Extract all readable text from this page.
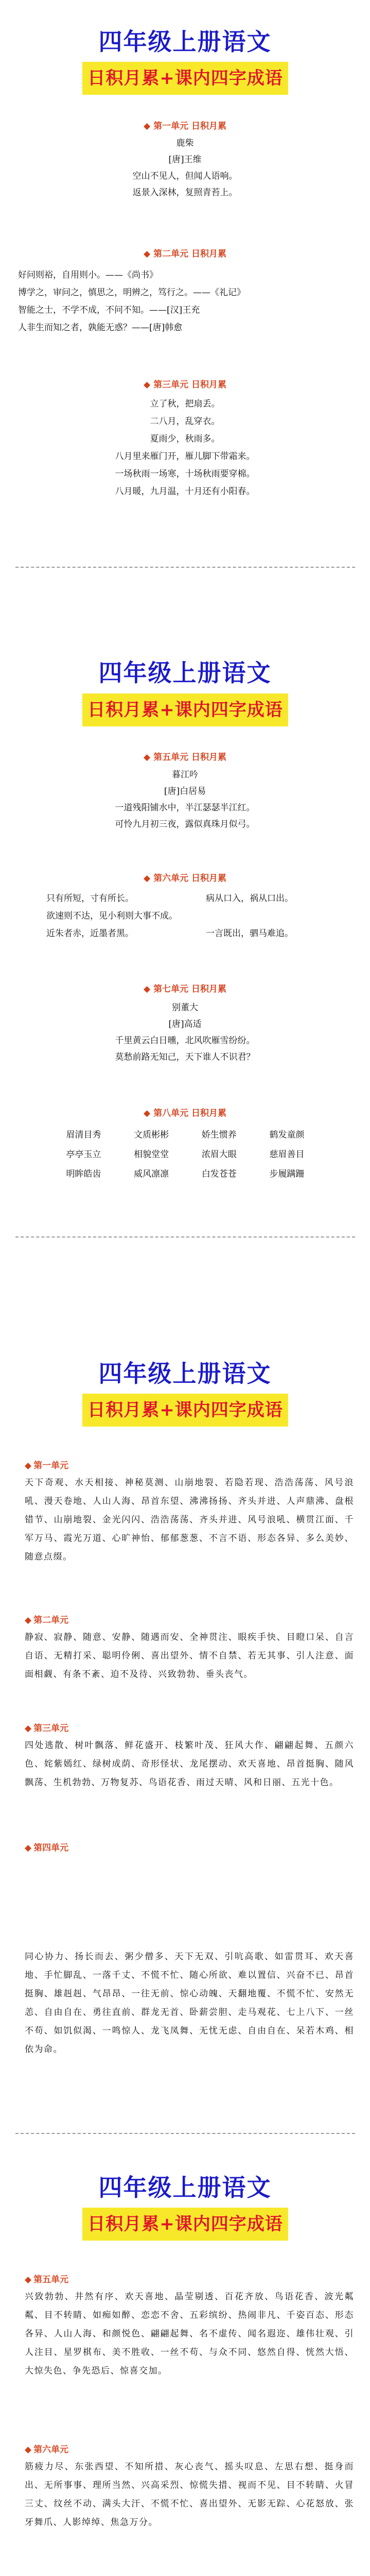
四年级上册语文
日积月累+课内四字成语
◆ 第一单元 日积月累
鹿柴
[唐]王维
空山不见人，但闻人语响。
返景入深林，复照青苔上。
◆ 第二单元 日积月累
好问则裕，自用则小。——《尚书》
博学之，审问之，慎思之，明辨之，笃行之。——《礼记》
智能之士，不学不成，不问不知。——[汉]王充
人非生而知之者，孰能无惑？——[唐]韩愈
◆ 第三单元 日积月累
立了秋，把扇丢。
二八月，乱穿衣。
夏雨少，秋雨多。
八月里来雁门开，雁儿脚下带霜来。
一场秋雨一场寒，十场秋雨要穿棉。
八月暖，九月温，十月还有小阳春。
四年级上册语文
日积月累+课内四字成语
◆ 第五单元 日积月累
暮江吟
[唐]白居易
一道残阳铺水中，半江瑟瑟半江红。
可怜九月初三夜，露似真珠月似弓。
◆ 第六单元 日积月累
只有所短，寸有所长。	病从口入，祸从口出。
欲速则不达，见小利则大事不成。
近朱者赤，近墨者黑。	一言既出，驷马难追。
◆ 第七单元 日积月累
别董大
[唐]高适
千里黄云白日曛，北风吹雁雪纷纷。
莫愁前路无知己，天下谁人不识君？
◆ 第八单元 日积月累
眉清目秀	文质彬彬	娇生惯养	鹤发童颜
亭亭玉立	相貌堂堂	浓眉大眼	慈眉善目
明眸皓齿	威风凛凛	白发苍苍	步履蹒跚
四年级上册语文
日积月累+课内四字成语
◆ 第一单元
天下奇观、水天相接、神秘莫测、山崩地裂、若隐若现、浩浩荡荡、风号浪吼、漫天卷地、人山人海、昂首东望、沸沸扬扬、齐头并进、人声鼎沸、盘根错节、山崩地裂、金光闪闪、浩浩荡荡、齐头并进、风号浪吼、横贯江面、千军万马、霞光万道、心旷神怡、郁郁葱葱、不言不语、形态各异、多么美妙、随意点缀。
◆ 第二单元
静寂、寂静、随意、安静、随遇而安、全神贯注、眼疾手快、目瞪口呆、自言自语、无精打采、聪明伶俐、喜出望外、情不自禁、若无其事、引人注意、面面相觑、有条不紊、迫不及待、兴致勃勃、垂头丧气。
◆ 第三单元
四处逃散、树叶飘落、鲜花盛开、枝繁叶茂、狂风大作、翩翩起舞、五颜六色、姹紫嫣红、绿树成荫、奇形怪状、龙尾摆动、欢天喜地、昂首挺胸、随风飘荡、生机勃勃、万物复苏、鸟语花香、雨过天晴、风和日丽、五光十色。
◆ 第四单元
同心协力、扬长而去、粥少僧多、天下无双、引吭高歌、如雷贯耳、欢天喜地、手忙脚乱、一落千丈、不慌不忙、随心所欲、难以置信、兴奋不已、昂首挺胸、雄赳赳、气昂昂、一往无前、惊心动魄、天翻地覆、不慌不忙、安然无恙、自由自在、勇往直前、群龙无首、卧薪尝胆、走马观花、七上八下、一丝不苟、如饥似渴、一鸣惊人、龙飞凤舞、无忧无虑、自由自在、呆若木鸡、相依为命。
四年级上册语文
日积月累+课内四字成语
◆ 第五单元
兴致勃勃、井然有序、欢天喜地、晶莹剔透、百花齐放、鸟语花香、波光粼粼、目不转睛、如痴如醉、恋恋不舍、五彩缤纷、热闹非凡、千姿百态、形态各异、人山人海、和颜悦色、翩翩起舞、名不虚传、闻名遐迩、雄伟壮观、引人注目、星罗棋布、美不胜收、一丝不苟、与众不同、悠然自得、恍然大悟、大惊失色、争先恐后、惊喜交加。
◆ 第六单元
筋疲力尽、东张西望、不知所措、灰心丧气、摇头叹息、左思右想、挺身而出、无所事事、理所当然、兴高采烈、惊慌失措、视而不见、目不转睛、火冒三丈、纹丝不动、满头大汗、不慌不忙、喜出望外、无影无踪、心花怒放、张牙舞爪、人影绰绰、焦急万分。
